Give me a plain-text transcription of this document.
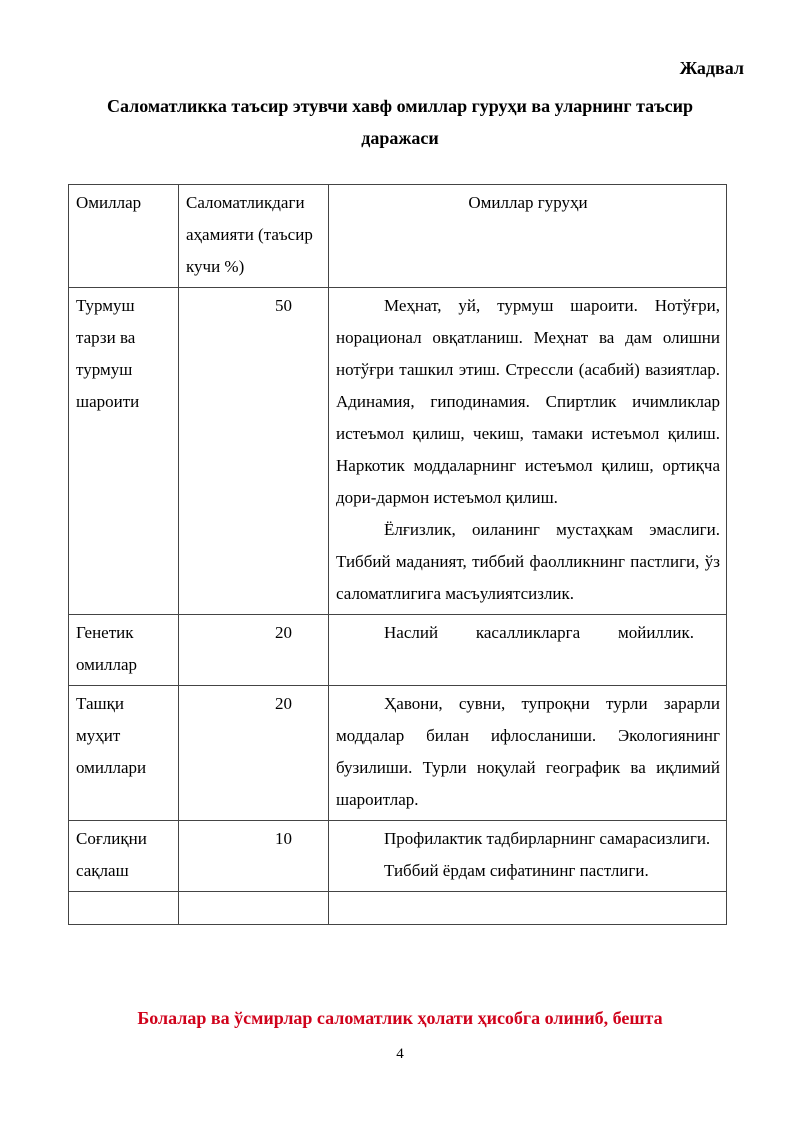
Жадвал
Саломатликка таъсир этувчи хавф омиллар гуруҳи ва уларнинг таъсир
даражаси
Омиллар	Саломатликдаги аҳамияти (таъсир кучи %)	Омиллар гуруҳи
Турмуш тарзи ва турмуш шароити	50	Меҳнат, уй, турмуш шароити. Нотўғри, норационал овқатланиш. Меҳнат ва дам олишни нотўғри ташкил этиш. Стрессли (асабий) вазиятлар. Адинамия, гиподинамия. Спиртлик ичимликлар истеъмол қилиш, чекиш, тамаки истеъмол қилиш. Наркотик моддаларнинг истеъмол қилиш, ортиқча дори-дармон истеъмол қилиш.

Ёлғизлик, оиланинг мустаҳкам эмаслиги. Тиббий маданият, тиббий фаолликнинг пастлиги, ўз саломатлигига масъулиятсизлик.

Генетик омиллар	20	Наслий касалликларга мойиллик.

Ташқи муҳит омиллари	20	Ҳавони, сувни, тупроқни турли зарарли моддалар билан ифлосланиши. Экологиянинг бузилиши. Турли ноқулай географик ва иқлимий шароитлар.

Соғлиқни сақлаш	10	Профилактик тадбирларнинг самарасизлиги.

Тиббий ёрдам сифатининг пастлиги.

Болалар ва ўсмирлар саломатлик ҳолати ҳисобга олиниб, бешта
4
